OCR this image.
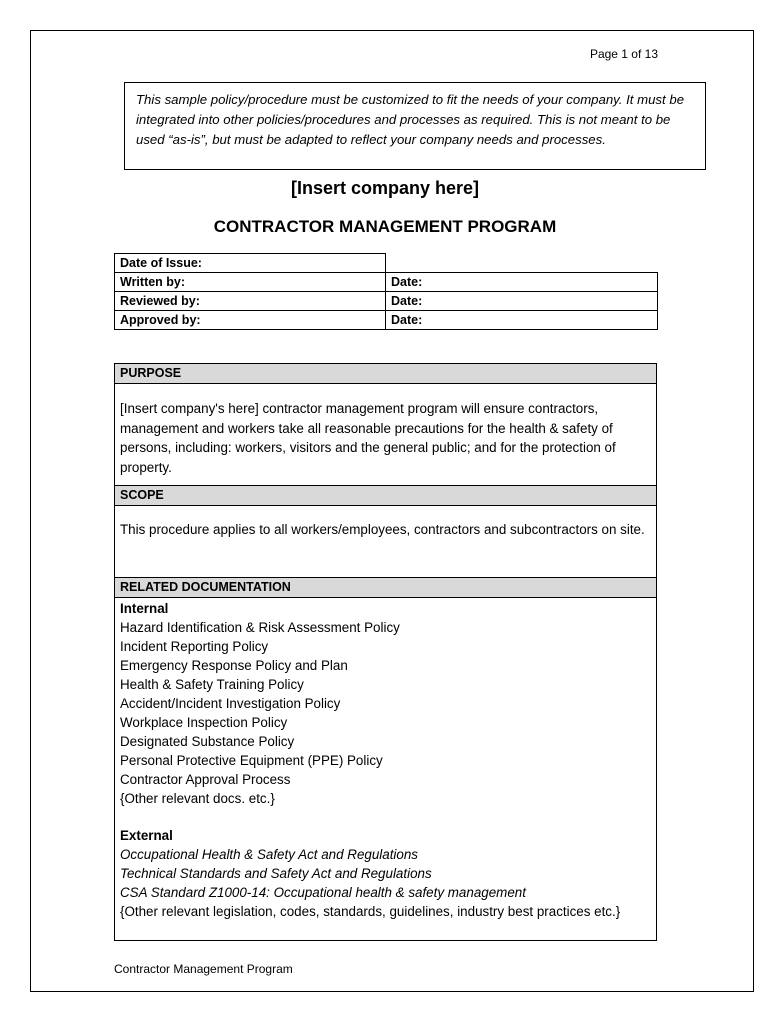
Page 1 of 13
This sample policy/procedure must be customized to fit the needs of your company. It must be integrated into other policies/procedures and processes as required. This is not meant to be used “as-is”, but must be adapted to reflect your company needs and processes.
[Insert company here]
CONTRACTOR MANAGEMENT PROGRAM
Date of Issue:	
Written by:	Date:
Reviewed by:	Date:
Approved by:	Date:
PURPOSE
[Insert company's here] contractor management program will ensure contractors, management and workers take all reasonable precautions for the health & safety of persons, including: workers, visitors and the general public; and for the protection of property.
SCOPE
This procedure applies to all workers/employees, contractors and subcontractors on site.
RELATED DOCUMENTATION
Internal
Hazard Identification & Risk Assessment Policy
Incident Reporting Policy
Emergency Response Policy and Plan
Health & Safety Training Policy
Accident/Incident Investigation Policy
Workplace Inspection Policy
Designated Substance Policy
Personal Protective Equipment (PPE) Policy
Contractor Approval Process
{Other relevant docs. etc.}
External
Occupational Health & Safety Act and Regulations
Technical Standards and Safety Act and Regulations
CSA Standard Z1000-14: Occupational health & safety management
{Other relevant legislation, codes, standards, guidelines, industry best practices etc.}
Contractor Management Program
